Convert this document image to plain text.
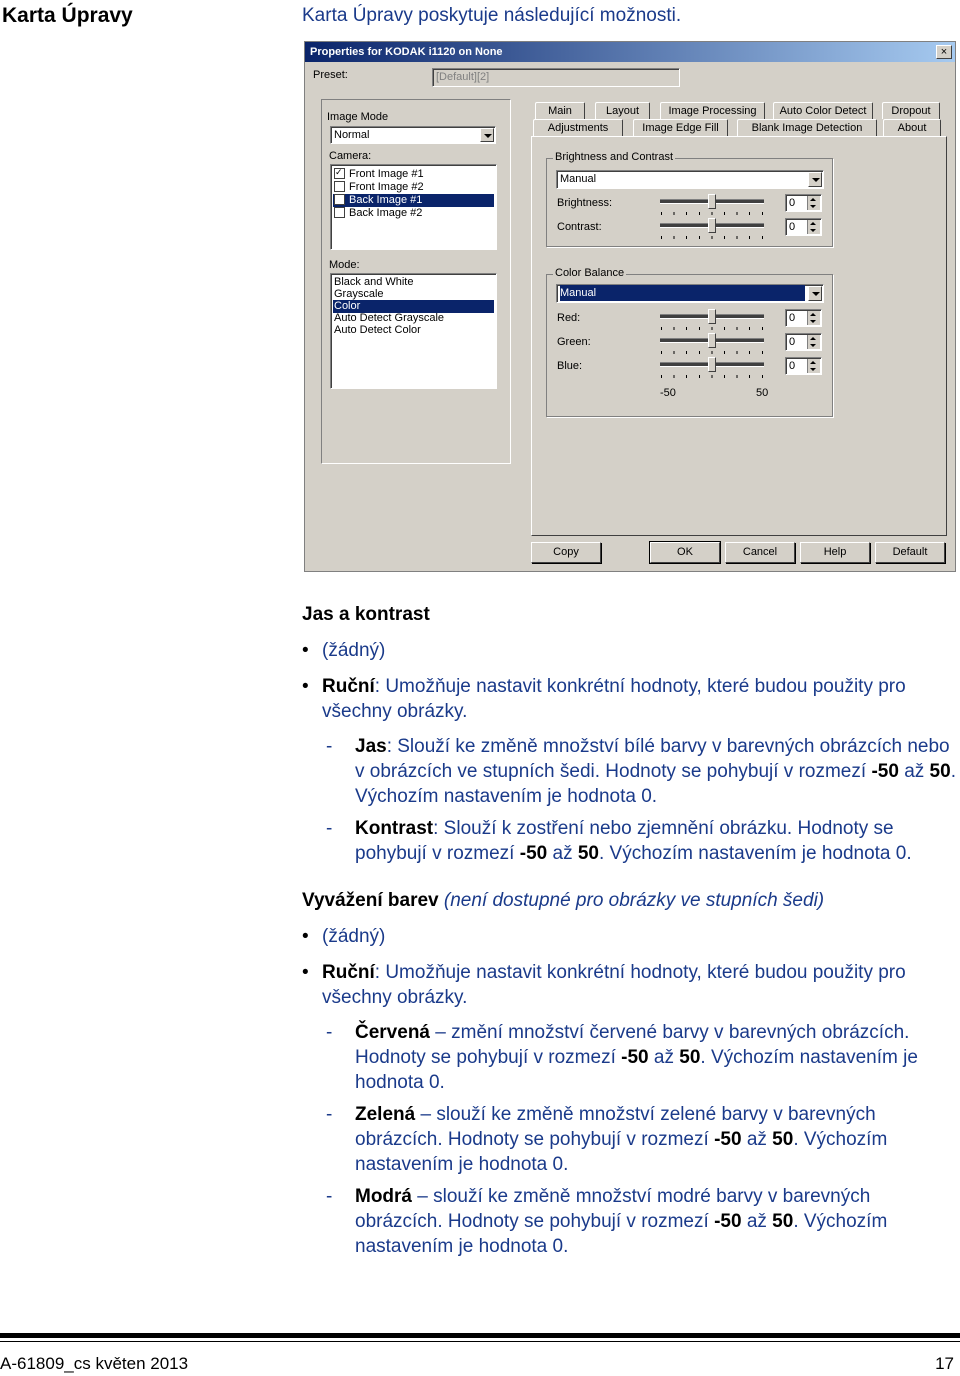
Karta Úpravy	Karta Úpravy poskytuje následující možnosti.
Properties for KODAK i1120 on None	×
Preset:	[Default][2]
Image Mode
Normal
Camera:
✓Front Image #1
Front Image #2
Back Image #1
Back Image #2
Mode:
Black and White
Grayscale
Color
Auto Detect Grayscale
Auto Detect Color
Main	Layout	Image Processing	Auto Color Detect	Dropout
Adjustments	Image Edge Fill	Blank Image Detection	About
Brightness and Contrast
Manual
Brightness:	0
Contrast:	0
Color Balance
Manual
Red:	0
Green:	0
Blue:	0
-50	50
Copy	OK	Cancel	Help	Default

Jas a kontrast

• (žádný)
• Ruční: Umožňuje nastavit konkrétní hodnoty, které budou použity pro všechny obrázky.
- Jas: Slouží ke změně množství bílé barvy v barevných obrázcích nebo v obrázcích ve stupních šedi. Hodnoty se pohybují v rozmezí -50 až 50. Výchozím nastavením je hodnota 0.
- Kontrast: Slouží k zostření nebo zjemnění obrázku. Hodnoty se pohybují v rozmezí -50 až 50. Výchozím nastavením je hodnota 0.

Vyvážení barev (není dostupné pro obrázky ve stupních šedi)

• (žádný)
• Ruční: Umožňuje nastavit konkrétní hodnoty, které budou použity pro všechny obrázky.
- Červená – změní množství červené barvy v barevných obrázcích. Hodnoty se pohybují v rozmezí -50 až 50. Výchozím nastavením je hodnota 0.
- Zelená – slouží ke změně množství zelené barvy v barevných obrázcích. Hodnoty se pohybují v rozmezí -50 až 50. Výchozím nastavením je hodnota 0.
- Modrá – slouží ke změně množství modré barvy v barevných obrázcích. Hodnoty se pohybují v rozmezí -50 až 50. Výchozím nastavením je hodnota 0.
A-61809_cs květen 2013	17
